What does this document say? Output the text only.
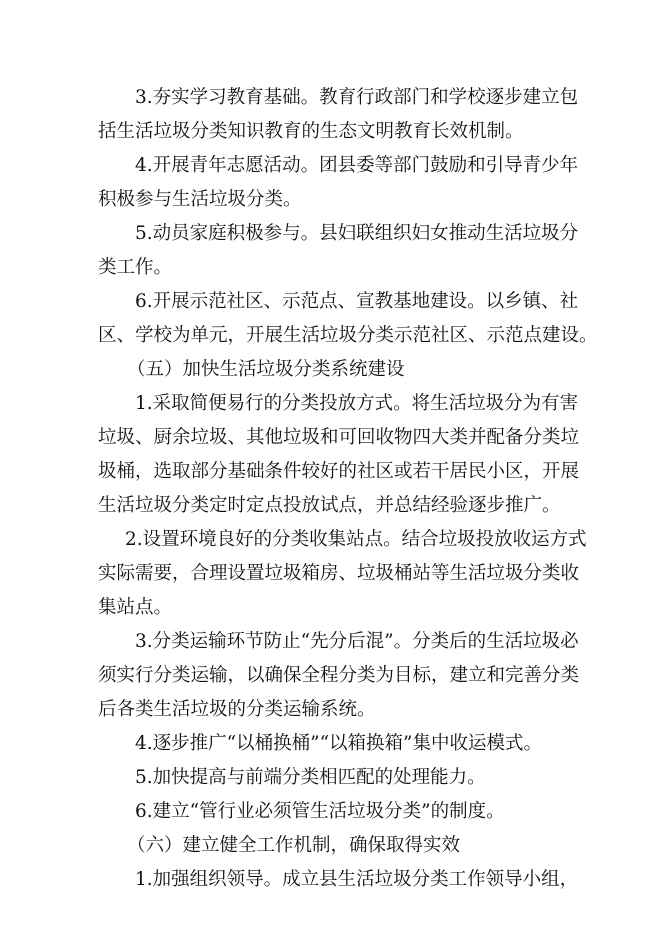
3.夯实学习教育基础。教育行政部门和学校逐步建立包
括生活垃圾分类知识教育的生态文明教育长效机制。
4.开展青年志愿活动。团县委等部门鼓励和引导青少年
积极参与生活垃圾分类。
5.动员家庭积极参与。县妇联组织妇女推动生活垃圾分
类工作。
6.开展示范社区、示范点、宣教基地建设。以乡镇、社
区、学校为单元，开展生活垃圾分类示范社区、示范点建设。
（五）加快生活垃圾分类系统建设
1.采取简便易行的分类投放方式。将生活垃圾分为有害
垃圾、厨余垃圾、其他垃圾和可回收物四大类并配备分类垃
圾桶，选取部分基础条件较好的社区或若干居民小区，开展
生活垃圾分类定时定点投放试点，并总结经验逐步推广。
2.设置环境良好的分类收集站点。结合垃圾投放收运方式
实际需要，合理设置垃圾箱房、垃圾桶站等生活垃圾分类收
集站点。
3.分类运输环节防止“先分后混”。分类后的生活垃圾必
须实行分类运输，以确保全程分类为目标，建立和完善分类
后各类生活垃圾的分类运输系统。
4.逐步推广“以桶换桶”“以箱换箱”集中收运模式。
5.加快提高与前端分类相匹配的处理能力。
6.建立“管行业必须管生活垃圾分类”的制度。
（六）建立健全工作机制，确保取得实效
1.加强组织领导。成立县生活垃圾分类工作领导小组，
